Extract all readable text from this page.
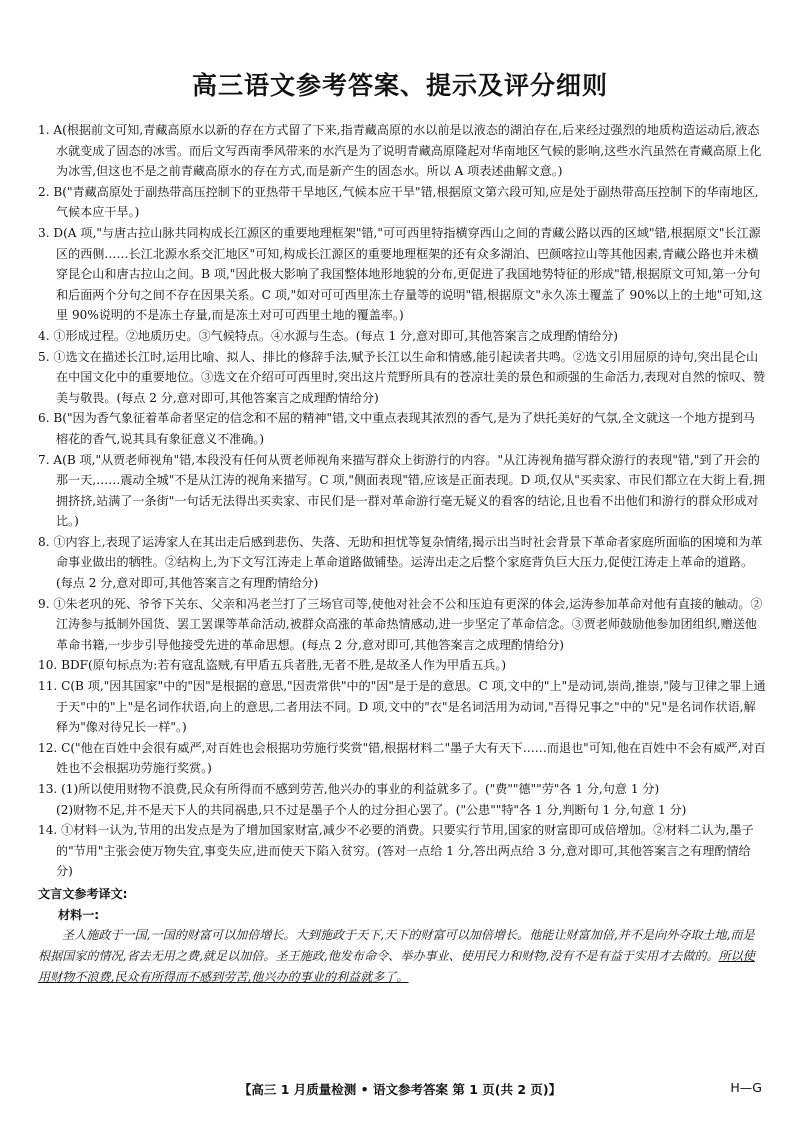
高三语文参考答案、提示及评分细则

1. A(根据前文可知,青藏高原水以新的存在方式留了下来,指青藏高原的水以前是以液态的湖泊存在,后来经过强烈的地质构造运动后,液态水就变成了固态的冰雪。而后文写西南季风带来的水汽是为了说明青藏高原隆起对华南地区气候的影响,这些水汽虽然在青藏高原上化为冰雪,但这也不是之前青藏高原水的存在方式,而是新产生的固态水。所以 A 项表述曲解文意。)

2. B("青藏高原处于副热带高压控制下的亚热带干旱地区,气候本应干旱"错,根据原文第六段可知,应是处于副热带高压控制下的华南地区,气候本应干旱。)

3. D(A 项,"与唐古拉山脉共同构成长江源区的重要地理框架"错,"可可西里特指横穿西山之间的青藏公路以西的区域"错,根据原文"长江源区的西侧……长江北源水系交汇地区"可知,构成长江源区的重要地理框架的还有众多湖泊、巴颜喀拉山等其他因素,青藏公路也并未横穿昆仑山和唐古拉山之间。B 项,"因此极大影响了我国整体地形地貌的分布,更促进了我国地势特征的形成"错,根据原文可知,第一分句和后面两个分句之间不存在因果关系。C 项,"如对可可西里冻土存量等的说明"错,根据原文"永久冻土覆盖了 90%以上的土地"可知,这里 90%说明的不是冻土存量,而是冻土对可可西里土地的覆盖率。)

4. ①形成过程。②地质历史。③气候特点。④水源与生态。(每点 1 分,意对即可,其他答案言之成理酌情给分)

5. ①选文在描述长江时,运用比喻、拟人、排比的修辞手法,赋予长江以生命和情感,能引起读者共鸣。②选文引用屈原的诗句,突出昆仑山在中国文化中的重要地位。③选文在介绍可可西里时,突出这片荒野所具有的苍凉壮美的景色和顽强的生命活力,表现对自然的惊叹、赞美与敬畏。(每点 2 分,意对即可,其他答案言之成理酌情给分)

6. B("因为香气象征着革命者坚定的信念和不屈的精神"错,文中重点表现其浓烈的香气,是为了烘托美好的气氛,全文就这一个地方提到马榕花的香气,说其具有象征意义不准确。)

7. A(B 项,"从贾老师视角"错,本段没有任何从贾老师视角来描写群众上街游行的内容。"从江涛视角描写群众游行的表现"错,"到了开会的那一天,……震动全城"不是从江涛的视角来描写。C 项,"侧面表现"错,应该是正面表现。D 项,仅从"买卖家、市民们都立在大街上看,拥拥挤挤,站满了一条街"一句话无法得出买卖家、市民们是一群对革命游行毫无疑义的看客的结论,且也看不出他们和游行的群众形成对比。)

8. ①内容上,表现了运涛家人在其出走后感到悲伤、失落、无助和担忧等复杂情绪,揭示出当时社会背景下革命者家庭所面临的困境和为革命事业做出的牺牲。②结构上,为下文写江涛走上革命道路做铺垫。运涛出走之后整个家庭背负巨大压力,促使江涛走上革命的道路。(每点 2 分,意对即可,其他答案言之有理酌情给分)

9. ①朱老巩的死、爷爷下关东、父亲和冯老兰打了三场官司等,使他对社会不公和压迫有更深的体会,运涛参加革命对他有直接的触动。②江涛参与抵制外国货、罢工罢课等革命活动,被群众高涨的革命热情感动,进一步坚定了革命信念。③贾老师鼓励他参加团组织,赠送他革命书籍,一步步引导他接受先进的革命思想。(每点 2 分,意对即可,其他答案言之成理酌情给分)

10. BDF(原句标点为:若有寇乱盗贼,有甲盾五兵者胜,无者不胜,是故圣人作为甲盾五兵。)

11. C(B 项,"因其国家"中的"因"是根据的意思,"因责常供"中的"因"是于是的意思。C 项,文中的"上"是动词,崇尚,推崇,"陵与卫律之罪上通于天"中的"上"是名词作状语,向上的意思,二者用法不同。D 项,文中的"衣"是名词活用为动词,"吾得兄事之"中的"兄"是名词作状语,解释为"像对待兄长一样"。)

12. C("他在百姓中会很有威严,对百姓也会根据功劳施行奖赏"错,根据材料二"墨子大有天下……而退也"可知,他在百姓中不会有威严,对百姓也不会根据功劳施行奖赏。)

13. (1)所以使用财物不浪费,民众有所得而不感到劳苦,他兴办的事业的利益就多了。("费""德""劳"各 1 分,句意 1 分)

(2)财物不足,并不是天下人的共同祸患,只不过是墨子个人的过分担心罢了。("公患""特"各 1 分,判断句 1 分,句意 1 分)

14. ①材料一认为,节用的出发点是为了增加国家财富,减少不必要的消费。只要实行节用,国家的财富即可成倍增加。②材料二认为,墨子的"节用"主张会使万物失宜,事变失应,进而使天下陷入贫穷。(答对一点给 1 分,答出两点给 3 分,意对即可,其他答案言之有理酌情给分)

文言文参考译文:
材料一:
圣人施政于一国,一国的财富可以加倍增长。大到施政于天下,天下的财富可以加倍增长。他能让财富加倍,并不是向外夺取土地,而是根据国家的情况,省去无用之费,就足以加倍。圣王施政,他发布命令、举办事业、使用民力和财物,没有不是有益于实用才去做的。所以使用财物不浪费,民众有所得而不感到劳苦,他兴办的事业的利益就多了。
【高三 1 月质量检测 • 语文参考答案 第 1 页(共 2 页)】	H—G
